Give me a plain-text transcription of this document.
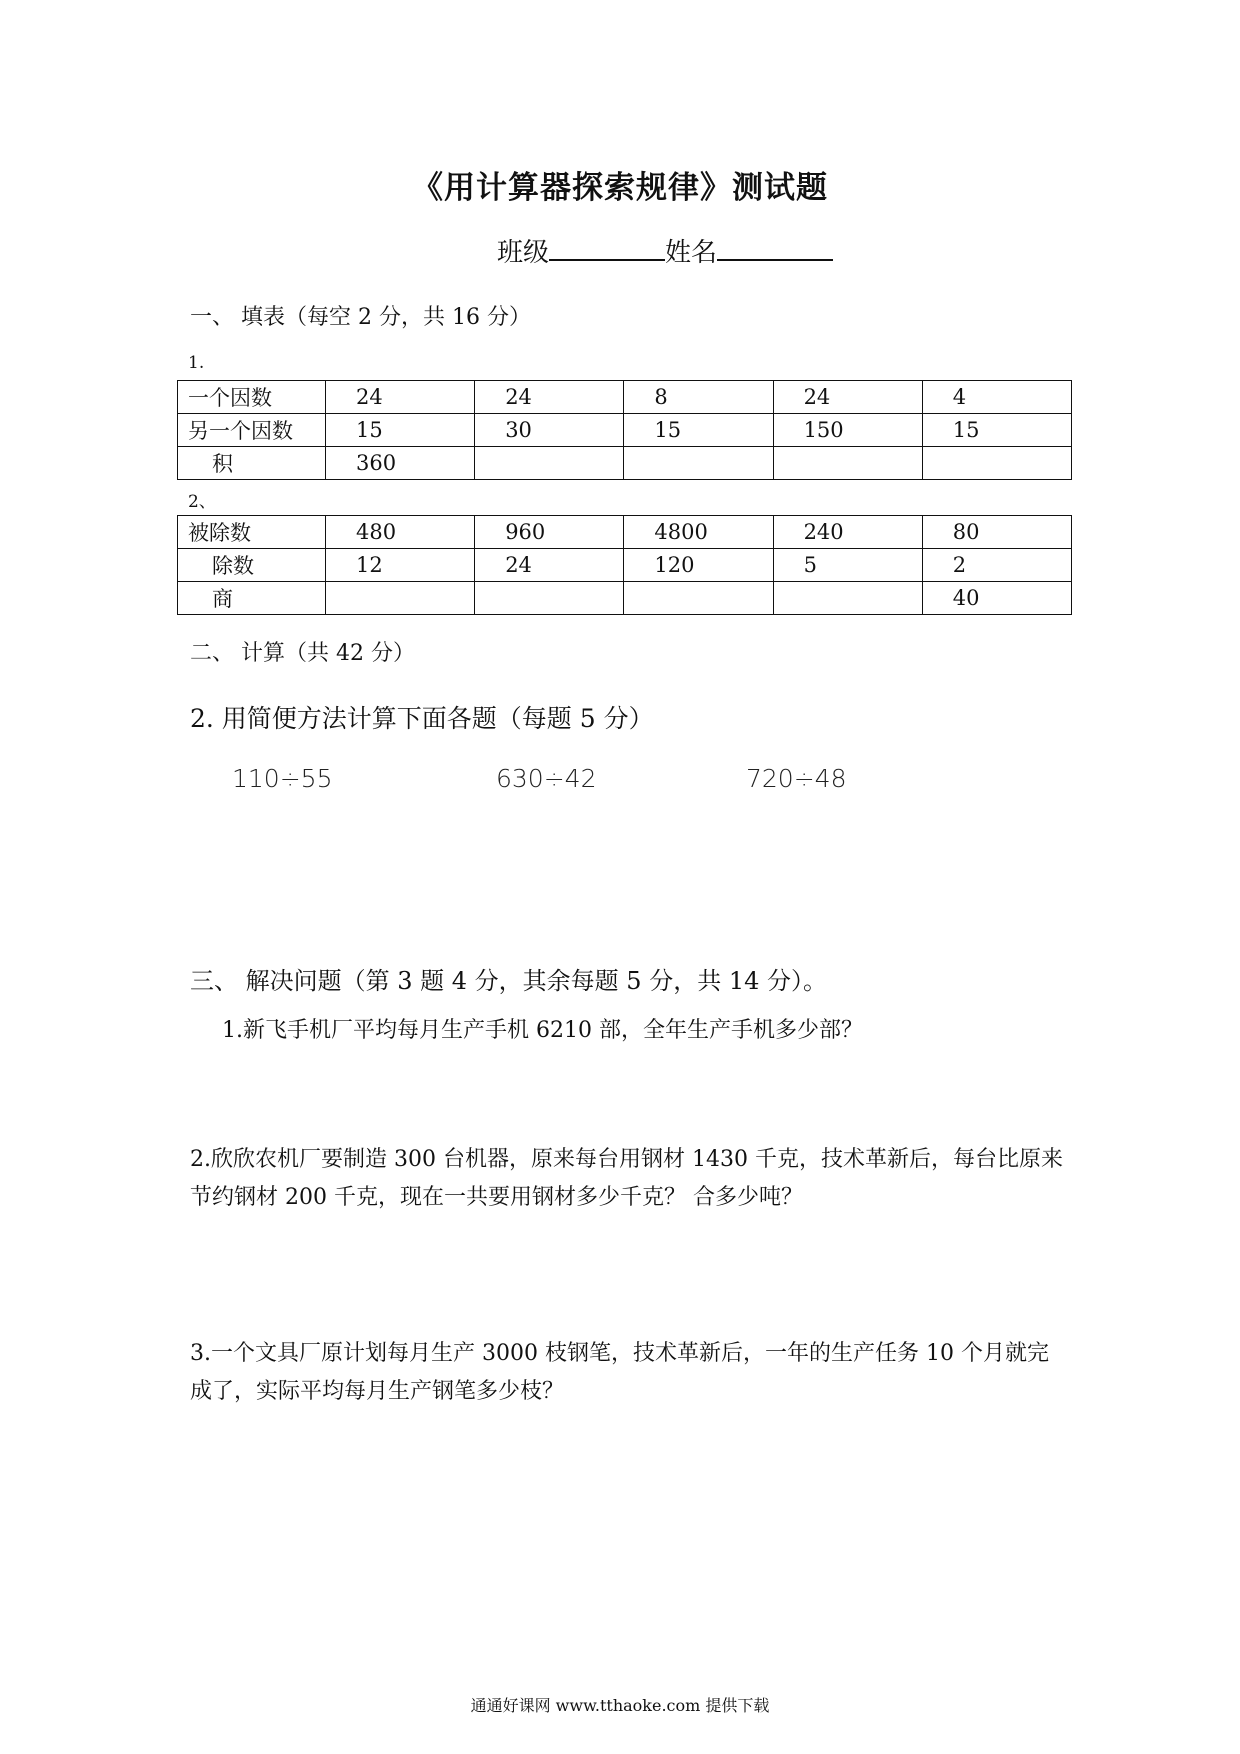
《用计算器探索规律》测试题
班级	姓名
一、 填表（每空 2 分，共 16 分）
1.
一个因数	24	24	8	24	4
另一个因数	15	30	15	150	15
积	360				
2、
被除数	480	960	4800	240	80
除数	12	24	120	5	2
商					40
二、 计算（共 42 分）
2. 用简便方法计算下面各题（每题 5 分）
110÷55	630÷42	720÷48
三、 解决问题（第 3 题 4 分，其余每题 5 分，共 14 分）。
1.新飞手机厂平均每月生产手机 6210 部，全年生产手机多少部？
2.欣欣农机厂要制造 300 台机器，原来每台用钢材 1430 千克，技术革新后，每台比原来节约钢材 200 千克，现在一共要用钢材多少千克？ 合多少吨？
3.一个文具厂原计划每月生产 3000 枝钢笔，技术革新后，一年的生产任务 10 个月就完成了，实际平均每月生产钢笔多少枝？
通通好课网 www.tthaoke.com 提供下载
